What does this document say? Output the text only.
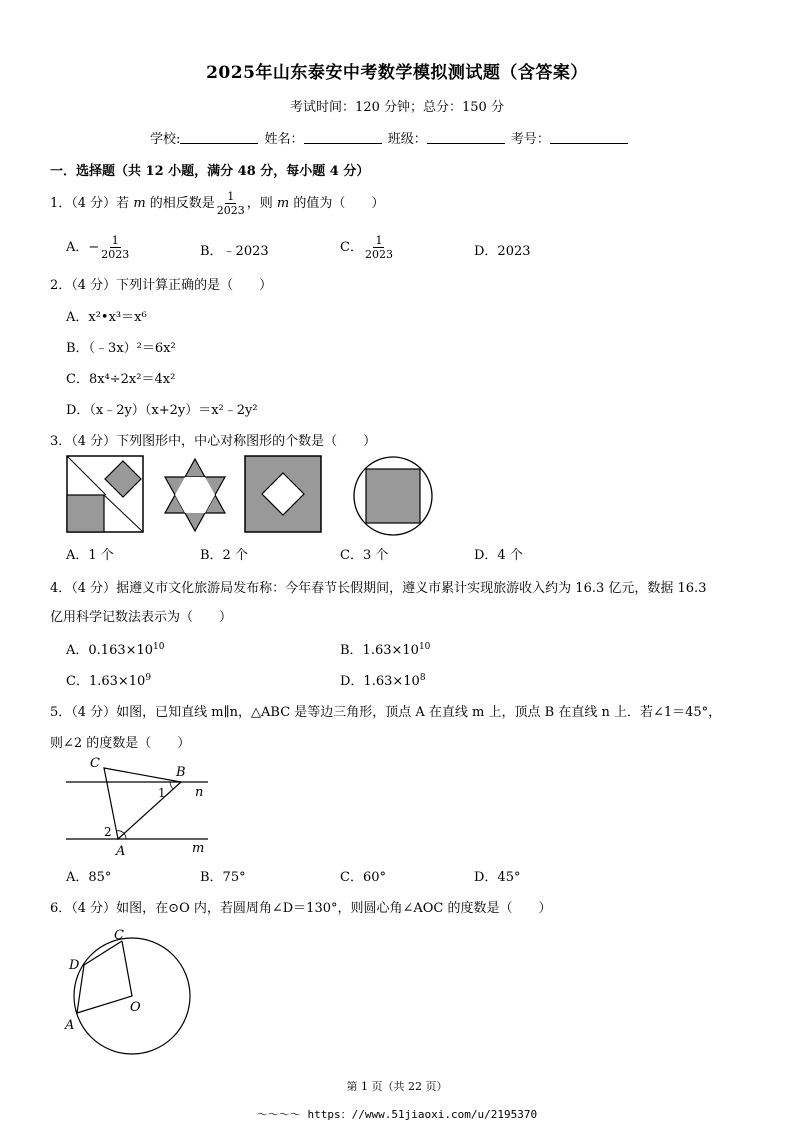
2025年山东泰安中考数学模拟测试题（含答案）
考试时间：120 分钟；总分：150 分
学校:	姓名：	班级：	考号：
一．选择题（共 12 小题，满分 48 分，每小题 4 分）
1．（4 分）若 m 的相反数是 $\frac{1}{2023}$ ，则 m 的值为（　　）
A．− $\frac{1}{2023}$	B．﹣2023	C． $\frac{1}{2023}$	D．2023
2．（4 分）下列计算正确的是（　　）
A．x²•x³＝x⁶
B．（﹣3x）²＝6x²
C．8x⁴÷2x²＝4x²
D．（x﹣2y）（x+2y）＝x²﹣2y²
3．（4 分）下列图形中，中心对称图形的个数是（　　）
A．1 个	B．2 个	C．3 个	D．4 个
4．（4 分）据遵义市文化旅游局发布称：今年春节长假期间，遵义市累计实现旅游收入约为 16.3 亿元，数据 16.3
亿用科学记数法表示为（　　）
A．$0.163\times 10^{10}$	B．$1.63\times 10^{10}$
C．$1.63\times 10^9$	D．$1.63\times 10^8$
5．（4 分）如图，已知直线 m∥n，△ABC 是等边三角形，顶点 A 在直线 m 上，顶点 B 在直线 n 上．若∠1＝45°，
则∠2 的度数是（　　）
C
B
n
1
2
A	m
A．85°	B．75°	C．60°	D．45°
6．（4 分）如图，在⊙O 内，若圆周角∠D＝130°，则圆心角∠AOC 的度数是（　　）
C
D
O
A
第 1 页（共 22 页）
～～～～ https：//www.51jiaoxi.com/u/2195370
